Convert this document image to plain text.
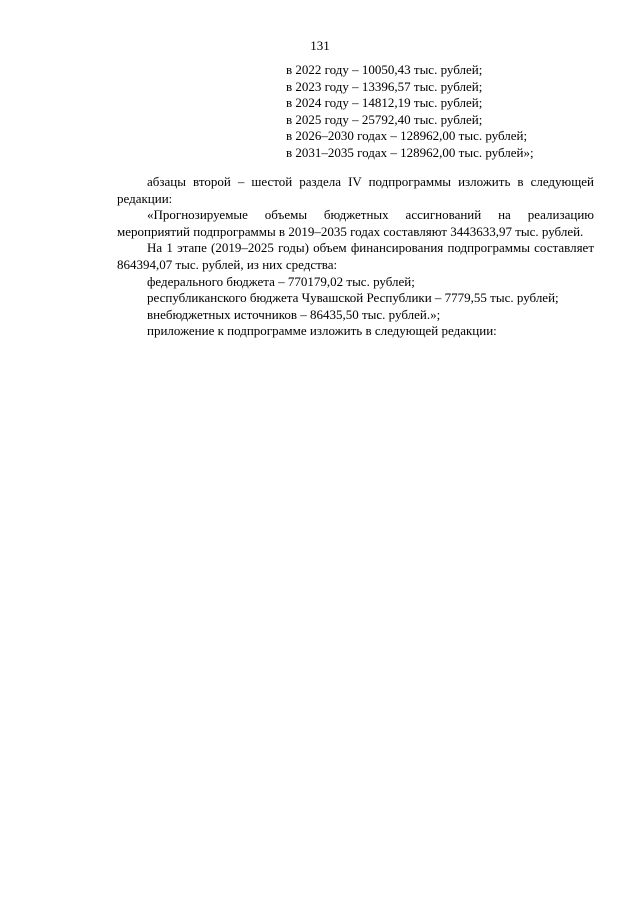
131
в 2022 году – 10050,43 тыс. рублей;
в 2023 году – 13396,57 тыс. рублей;
в 2024 году – 14812,19 тыс. рублей;
в 2025 году – 25792,40 тыс. рублей;
в 2026–2030 годах – 128962,00 тыс. рублей;
в 2031–2035 годах – 128962,00 тыс. рублей»;

абзацы второй – шестой раздела IV подпрограммы изложить в следующей редакции:

«Прогнозируемые объемы бюджетных ассигнований на реализацию мероприятий подпрограммы в 2019–2035 годах составляют 3443633,97 тыс. рублей.

На 1 этапе (2019–2025 годы) объем финансирования подпрограммы составляет 864394,07 тыс. рублей, из них средства:

федерального бюджета – 770179,02 тыс. рублей;

республиканского бюджета Чувашской Республики – 7779,55 тыс. рублей;

внебюджетных источников – 86435,50 тыс. рублей.»;

приложение к подпрограмме изложить в следующей редакции:
